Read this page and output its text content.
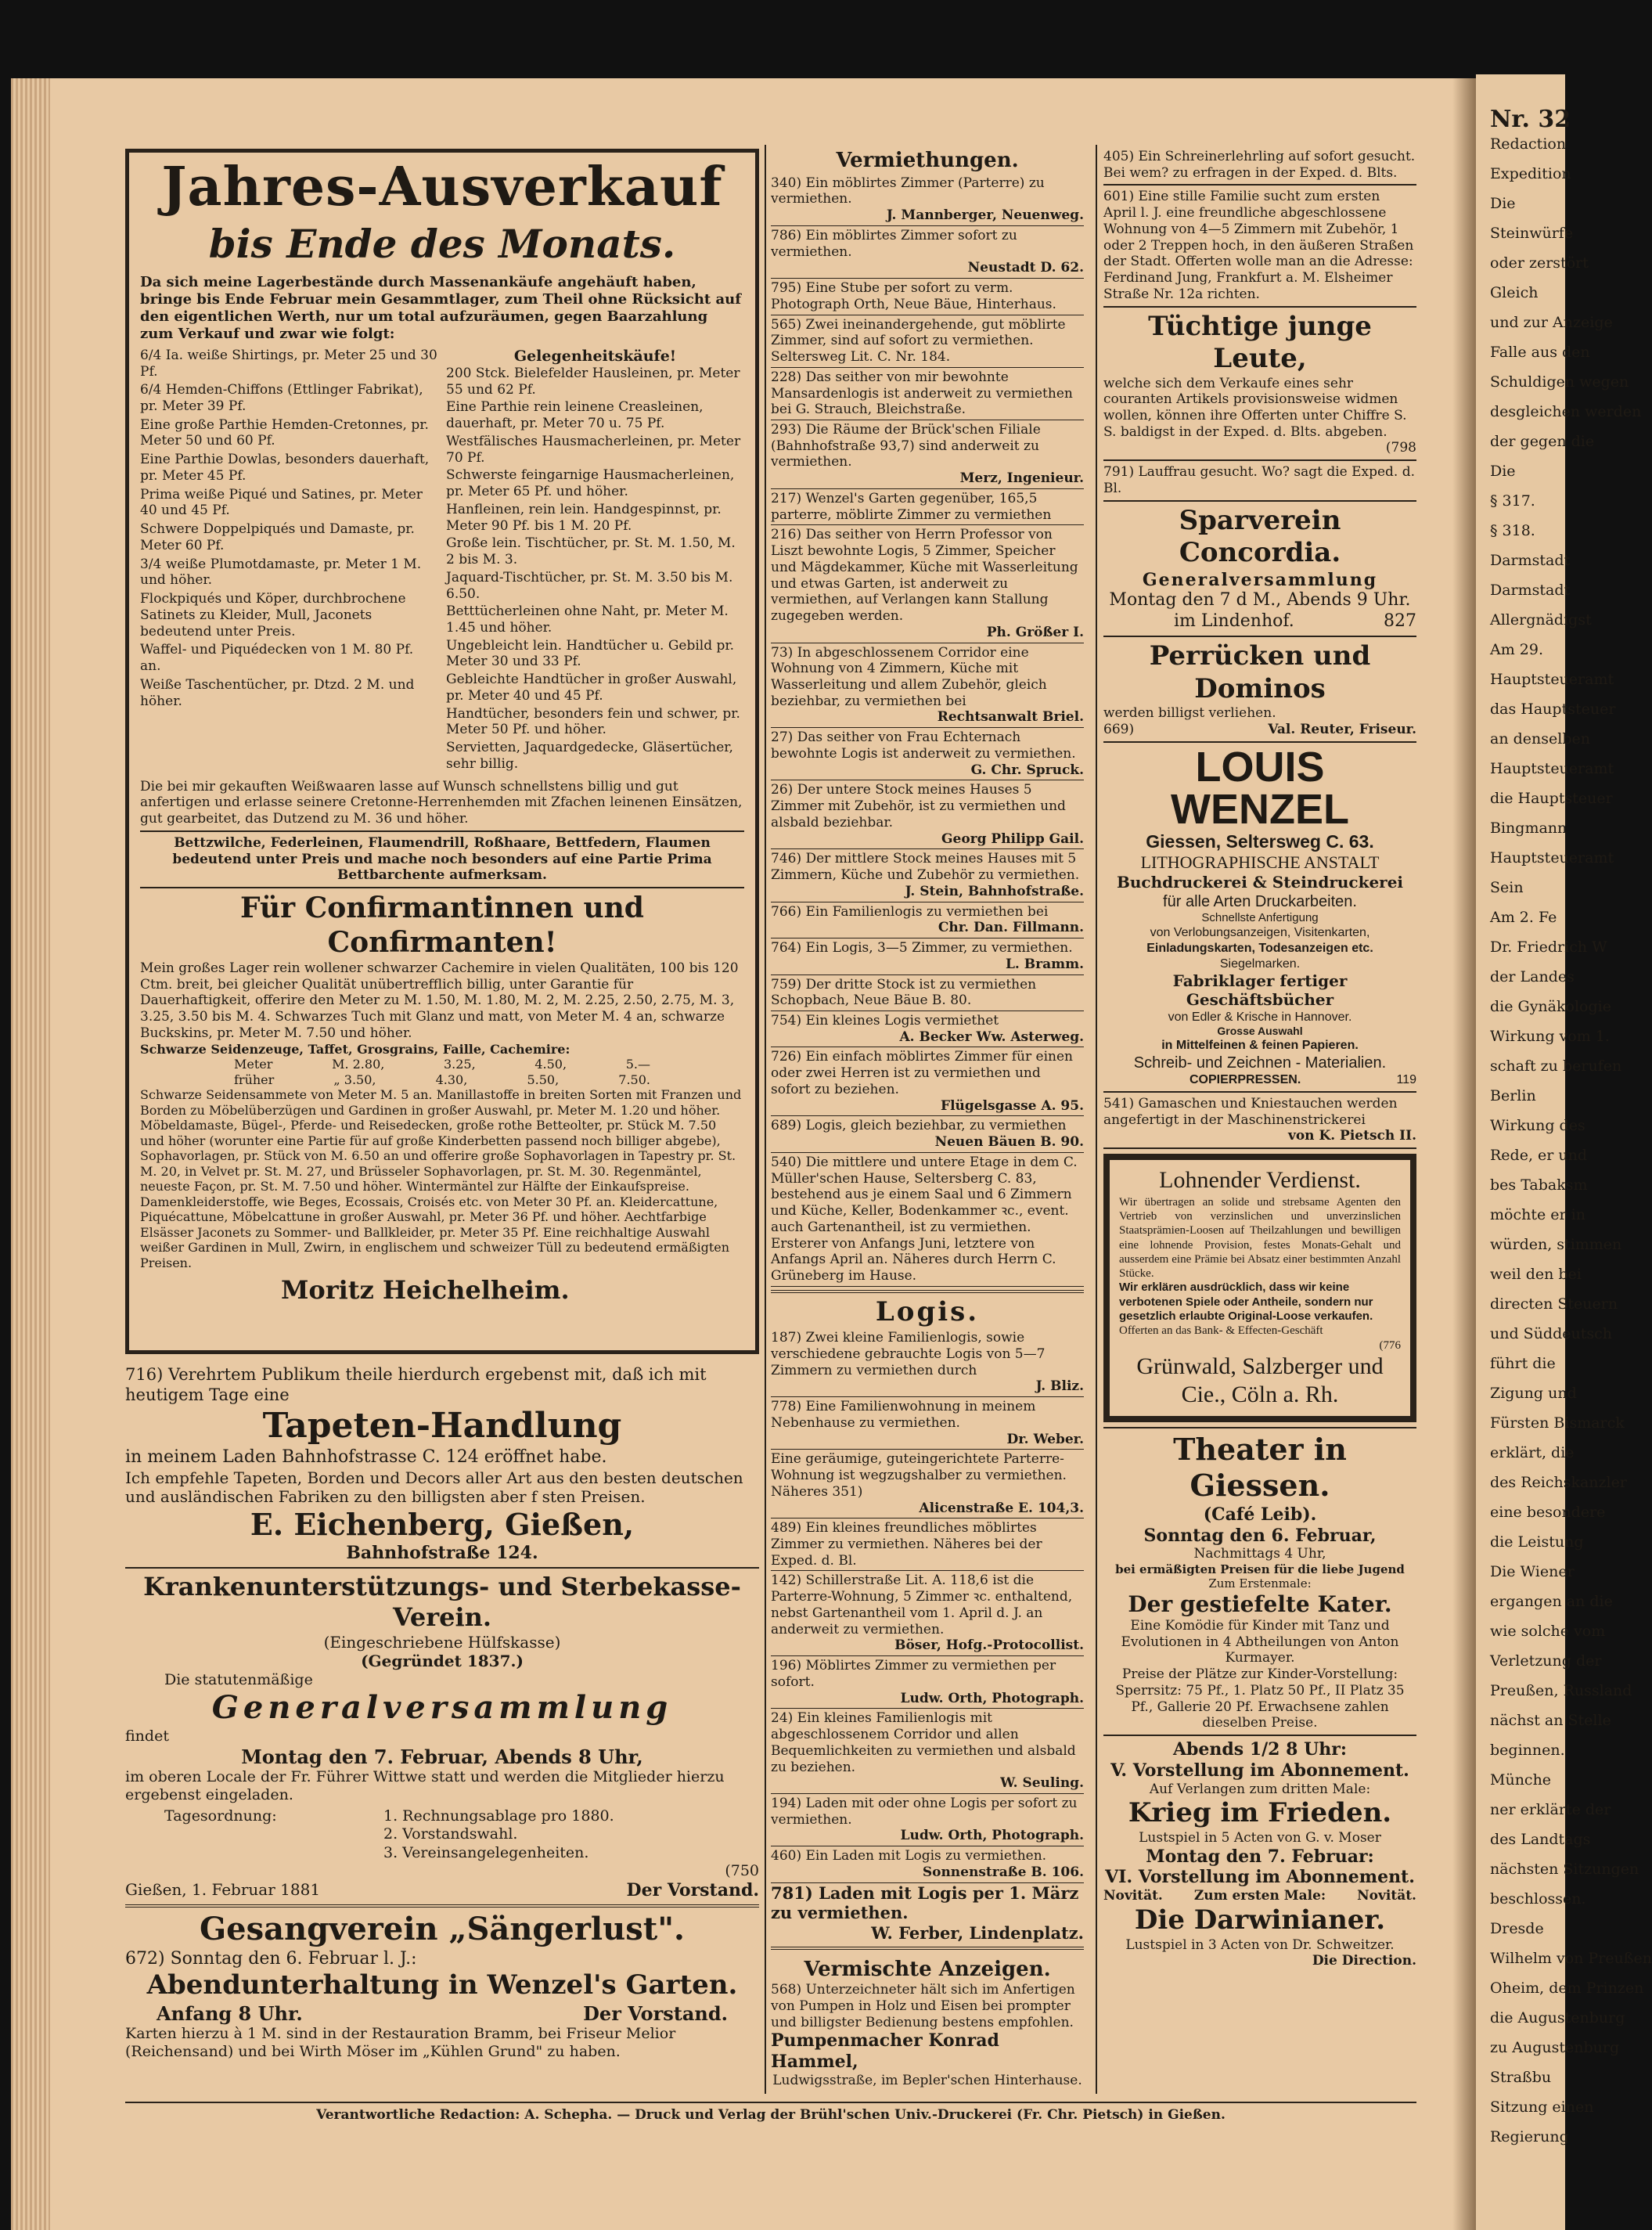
Nr. 32
Redaction
Expedition
Die
Steinwürfe
oder zerstört
Gleich
und zur Anzeige
Falle aus den
Schuldigen wegen
desgleichen werden
der gegen die
Die
§ 317.
§ 318.
Darmstadt
Darmstadt
Allergnädigst
Am 29.
Hauptsteueramt
das Hauptsteuer
an denselben
Hauptsteueramt
die Hauptsteuer
Bingmann
Hauptsteueramt
Sein
Am 2. Fe
Dr. Friedrich W
der Landes
die Gynäkologie
Wirkung vom 1.
schaft zu berufen
Berlin
Wirkung des
Rede, er und
bes Tabaksm
möchte er in
würden, stimmen
weil den bei
directen Steuern
und Süddeutsch
führt die
Zigung und
Fürsten Bismarck
erklärt, die
des Reichskanzler
eine besondere
die Leistung
Die Wiener
ergangen an die
wie solche vom
Verletzung der
Preußen, Russland
nächst an Stelle
beginnen.
Münche
ner erklärte der
des Landtags
nächsten Sitzungen
beschlossen.
Dresde
Wilhelm von Preußen
Oheim, dem Prinzen
die Augustenburg
zu Augustenburg
Straßbu
Sitzung einen
Regierung
Jahres-Ausverkauf
bis Ende des Monats.
Da sich meine Lagerbestände durch Massenankäufe angehäuft haben, bringe bis Ende Februar mein Gesammtlager, zum Theil ohne Rücksicht auf den eigentlichen Werth, nur um total aufzuräumen, gegen Baarzahlung zum Verkauf und zwar wie folgt:
6/4 Ia. weiße Shirtings, pr. Meter 25 und 30 Pf.
6/4 Hemden-Chiffons (Ettlinger Fabrikat), pr. Meter 39 Pf.
Eine große Parthie Hemden-Cretonnes, pr. Meter 50 und 60 Pf.
Eine Parthie Dowlas, besonders dauerhaft, pr. Meter 45 Pf.
Prima weiße Piqué und Satines, pr. Meter 40 und 45 Pf.
Schwere Doppelpiqués und Damaste, pr. Meter 60 Pf.
3/4 weiße Plumotdamaste, pr. Meter 1 M. und höher.
Flockpiqués und Köper, durchbrochene Satinets zu Kleider, Mull, Jaconets bedeutend unter Preis.
Waffel- und Piquédecken von 1 M. 80 Pf. an.
Weiße Taschentücher, pr. Dtzd. 2 M. und höher.
Gelegenheitskäufe!
200 Stck. Bielefelder Hausleinen, pr. Meter 55 und 62 Pf.
Eine Parthie rein leinene Creasleinen, dauerhaft, pr. Meter 70 u. 75 Pf.
Westfälisches Hausmacherleinen, pr. Meter 70 Pf.
Schwerste feingarnige Hausmacherleinen, pr. Meter 65 Pf. und höher.
Hanfleinen, rein lein. Handgespinnst, pr. Meter 90 Pf. bis 1 M. 20 Pf.
Große lein. Tischtücher, pr. St. M. 1.50, M. 2 bis M. 3.
Jaquard-Tischtücher, pr. St. M. 3.50 bis M. 6.50.
Betttücherleinen ohne Naht, pr. Meter M. 1.45 und höher.
Ungebleicht lein. Handtücher u. Gebild pr. Meter 30 und 33 Pf.
Gebleichte Handtücher in großer Auswahl, pr. Meter 40 und 45 Pf.
Handtücher, besonders fein und schwer, pr. Meter 50 Pf. und höher.
Servietten, Jaquardgedecke, Gläsertücher, sehr billig.
Die bei mir gekauften Weißwaaren lasse auf Wunsch schnellstens billig und gut anfertigen und erlasse seinere Cretonne-Herrenhemden mit Zfachen leinenen Einsätzen, gut gearbeitet, das Dutzend zu M. 36 und höher.
Bettzwilche, Federleinen, Flaumendrill, Roßhaare, Bettfedern, Flaumen bedeutend unter Preis und mache noch besonders auf eine Partie Prima Bettbarchente aufmerksam.
Für Confirmantinnen und Confirmanten!
Mein großes Lager rein wollener schwarzer Cachemire in vielen Qualitäten, 100 bis 120 Ctm. breit, bei gleicher Qualität unübertrefflich billig, unter Garantie für Dauerhaftigkeit, offerire den Meter zu M. 1.50, M. 1.80, M. 2, M. 2.25, 2.50, 2.75, M. 3, 3.25, 3.50 bis M. 4. Schwarzes Tuch mit Glanz und matt, von Meter M. 4 an, schwarze Buckskins, pr. Meter M. 7.50 und höher.
Schwarze Seidenzeuge, Taffet, Grosgrains, Faille, Cachemire:
Meter	M. 2.80,	3.25,	4.50,	5.—
früher	„ 3.50,	4.30,	5.50,	7.50.
Schwarze Seidensammete von Meter M. 5 an. Manillastoffe in breiten Sorten mit Franzen und Borden zu Möbelüberzügen und Gardinen in großer Auswahl, pr. Meter M. 1.20 und höher. Möbeldamaste, Bügel-, Pferde- und Reisedecken, große rothe Betteolter, pr. Stück M. 7.50 und höher (worunter eine Partie für auf große Kinderbetten passend noch billiger abgebe), Sophavorlagen, pr. Stück von M. 6.50 an und offerire große Sophavorlagen in Tapestry pr. St. M. 20, in Velvet pr. St. M. 27, und Brüsseler Sophavorlagen, pr. St. M. 30. Regenmäntel, neueste Façon, pr. St. M. 7.50 und höher. Wintermäntel zur Hälfte der Einkaufspreise. Damenkleiderstoffe, wie Beges, Ecossais, Croisés etc. von Meter 30 Pf. an. Kleidercattune, Piquécattune, Möbelcattune in großer Auswahl, pr. Meter 36 Pf. und höher. Aechtfarbige Elsässer Jaconets zu Sommer- und Ballkleider, pr. Meter 35 Pf. Eine reichhaltige Auswahl weißer Gardinen in Mull, Zwirn, in englischem und schweizer Tüll zu bedeutend ermäßigten Preisen.
Moritz Heichelheim.
716) Verehrtem Publikum theile hierdurch ergebenst mit, daß ich mit heutigem Tage eine
Tapeten-Handlung
in meinem Laden Bahnhofstrasse C. 124 eröffnet habe.
Ich empfehle Tapeten, Borden und Decors aller Art aus den besten deutschen und ausländischen Fabriken zu den billigsten aber f sten Preisen.
E. Eichenberg, Gießen,
Bahnhofstraße 124.
Krankenunterstützungs- und Sterbekasse-Verein.
(Eingeschriebene Hülfskasse)
(Gegründet 1837.)
Die statutenmäßige
Generalversammlung
findet
Montag den 7. Februar, Abends 8 Uhr,
im oberen Locale der Fr. Führer Wittwe statt und werden die Mitglieder hierzu ergebenst eingeladen.
Tagesordnung:	1. Rechnungsablage pro 1880.
2. Vorstandswahl.
3. Vereinsangelegenheiten.
(750
Gießen, 1. Februar 1881	Der Vorstand.
Gesangverein „Sängerlust".
672) Sonntag den 6. Februar l. J.:
Abendunterhaltung in Wenzel's Garten.
Anfang 8 Uhr.	Der Vorstand.
Karten hierzu à 1 M. sind in der Restauration Bramm, bei Friseur Melior (Reichensand) und bei Wirth Möser im „Kühlen Grund" zu haben.
Vermiethungen.
340) Ein möblirtes Zimmer (Parterre) zu vermiethen.
J. Mannberger, Neuenweg.
786) Ein möblirtes Zimmer sofort zu vermiethen.
Neustadt D. 62.
795) Eine Stube per sofort zu verm. Photograph Orth, Neue Bäue, Hinterhaus.
565) Zwei ineinandergehende, gut möblirte Zimmer, sind auf sofort zu vermiethen. Seltersweg Lit. C. Nr. 184.
228) Das seither von mir bewohnte Mansardenlogis ist anderweit zu vermiethen bei G. Strauch, Bleichstraße.
293) Die Räume der Brück'schen Filiale (Bahnhofstraße 93,7) sind anderweit zu vermiethen.
Merz, Ingenieur.
217) Wenzel's Garten gegenüber, 165,5 parterre, möblirte Zimmer zu vermiethen
216) Das seither von Herrn Professor von Liszt bewohnte Logis, 5 Zimmer, Speicher und Mägdekammer, Küche mit Wasserleitung und etwas Garten, ist anderweit zu vermiethen, auf Verlangen kann Stallung zugegeben werden.
Ph. Größer I.
73) In abgeschlossenem Corridor eine Wohnung von 4 Zimmern, Küche mit Wasserleitung und allem Zubehör, gleich beziehbar, zu vermiethen bei
Rechtsanwalt Briel.
27) Das seither von Frau Echternach bewohnte Logis ist anderweit zu vermiethen.
G. Chr. Spruck.
26) Der untere Stock meines Hauses 5 Zimmer mit Zubehör, ist zu vermiethen und alsbald beziehbar.
Georg Philipp Gail.
746) Der mittlere Stock meines Hauses mit 5 Zimmern, Küche und Zubehör zu vermiethen.
J. Stein, Bahnhofstraße.
766) Ein Familienlogis zu vermiethen bei
Chr. Dan. Fillmann.
764) Ein Logis, 3—5 Zimmer, zu vermiethen.
L. Bramm.
759) Der dritte Stock ist zu vermiethen Schopbach, Neue Bäue B. 80.
754) Ein kleines Logis vermiethet
A. Becker Ww. Asterweg.
726) Ein einfach möblirtes Zimmer für einen oder zwei Herren ist zu vermiethen und sofort zu beziehen.
Flügelsgasse A. 95.
689) Logis, gleich beziehbar, zu vermiethen
Neuen Bäuen B. 90.
540) Die mittlere und untere Etage in dem C. Müller'schen Hause, Seltersberg C. 83, bestehend aus je einem Saal und 6 Zimmern und Küche, Keller, Bodenkammer ꝛc., event. auch Gartenantheil, ist zu vermiethen. Ersterer von Anfangs Juni, letztere von Anfangs April an. Näheres durch Herrn C. Grüneberg im Hause.
Logis.
187) Zwei kleine Familienlogis, sowie verschiedene gebrauchte Logis von 5—7 Zimmern zu vermiethen durch
J. Bliz.
778) Eine Familienwohnung in meinem Nebenhause zu vermiethen.
Dr. Weber.
Eine geräumige, guteingerichtete Parterre-Wohnung ist wegzugshalber zu vermiethen. Näheres 351)
Alicenstraße E. 104,3.
489) Ein kleines freundliches möblirtes Zimmer zu vermiethen. Näheres bei der Exped. d. Bl.
142) Schillerstraße Lit. A. 118,6 ist die Parterre-Wohnung, 5 Zimmer ꝛc. enthaltend, nebst Gartenantheil vom 1. April d. J. an anderweit zu vermiethen.
Böser, Hofg.-Protocollist.
196) Möblirtes Zimmer zu vermiethen per sofort.
Ludw. Orth, Photograph.
24) Ein kleines Familienlogis mit abgeschlossenem Corridor und allen Bequemlichkeiten zu vermiethen und alsbald zu beziehen.
W. Seuling.
194) Laden mit oder ohne Logis per sofort zu vermiethen.
Ludw. Orth, Photograph.
460) Ein Laden mit Logis zu vermiethen.
Sonnenstraße B. 106.
781) Laden mit Logis per 1. März zu vermiethen.
W. Ferber, Lindenplatz.
Vermischte Anzeigen.
568) Unterzeichneter hält sich im Anfertigen von Pumpen in Holz und Eisen bei prompter und billigster Bedienung bestens empfohlen.
Pumpenmacher Konrad Hammel,
Ludwigsstraße, im Bepler'schen Hinterhause.
405) Ein Schreinerlehrling auf sofort gesucht. Bei wem? zu erfragen in der Exped. d. Blts.
601) Eine stille Familie sucht zum ersten April l. J. eine freundliche abgeschlossene Wohnung von 4—5 Zimmern mit Zubehör, 1 oder 2 Treppen hoch, in den äußeren Straßen der Stadt. Offerten wolle man an die Adresse: Ferdinand Jung, Frankfurt a. M. Elsheimer Straße Nr. 12a richten.
Tüchtige junge Leute,
welche sich dem Verkaufe eines sehr couranten Artikels provisionsweise widmen wollen, können ihre Offerten unter Chiffre S. S. baldigst in der Exped. d. Blts. abgeben.
(798
791) Lauffrau gesucht. Wo? sagt die Exped. d. Bl.
Sparverein Concordia.
Generalversammlung
Montag den 7 d M., Abends 9 Uhr.
im Lindenhof.	827
Perrücken und Dominos
werden billigst verliehen.
669)	Val. Reuter, Friseur.
LOUIS WENZEL
Giessen, Seltersweg C. 63.
LITHOGRAPHISCHE ANSTALT
Buchdruckerei & Steindruckerei
für alle Arten Druckarbeiten.
Schnellste Anfertigung
von Verlobungsanzeigen, Visitenkarten,
Einladungskarten, Todesanzeigen etc.
Siegelmarken.
Fabriklager fertiger Geschäftsbücher
von Edler & Krische in Hannover.
Grosse Auswahl
in Mittelfeinen & feinen Papieren.
Schreib- und Zeichnen - Materialien.
COPIERPRESSEN.	119
541) Gamaschen und Kniestauchen werden angefertigt in der Maschinenstrickerei
von K. Pietsch II.
Lohnender Verdienst.
Wir übertragen an solide und strebsame Agenten den Vertrieb von verzinslichen und unverzinslichen Staatsprämien-Loosen auf Theilzahlungen und bewilligen eine lohnende Provision, festes Monats-Gehalt und ausserdem eine Prämie bei Absatz einer bestimmten Anzahl Stücke.
Wir erklären ausdrücklich, dass wir keine verbotenen Spiele oder Antheile, sondern nur gesetzlich erlaubte Original-Loose verkaufen.
Offerten an das Bank- & Effecten-Geschäft
(776
Grünwald, Salzberger und Cie., Cöln a. Rh.
Theater in Giessen.
(Café Leib).
Sonntag den 6. Februar,
Nachmittags 4 Uhr,
bei ermäßigten Preisen für die liebe Jugend
Zum Erstenmale:
Der gestiefelte Kater.
Eine Komödie für Kinder mit Tanz und Evolutionen in 4 Abtheilungen von Anton Kurmayer.
Preise der Plätze zur Kinder-Vorstellung: Sperrsitz: 75 Pf., 1. Platz 50 Pf., II Platz 35 Pf., Gallerie 20 Pf. Erwachsene zahlen dieselben Preise.
Abends 1/2 8 Uhr:
V. Vorstellung im Abonnement.
Auf Verlangen zum dritten Male:
Krieg im Frieden.
Lustspiel in 5 Acten von G. v. Moser
Montag den 7. Februar:
VI. Vorstellung im Abonnement.
Novität. Zum ersten Male: Novität.
Die Darwinianer.
Lustspiel in 3 Acten von Dr. Schweitzer.
Die Direction.
Verantwortliche Redaction: A. Schepha. — Druck und Verlag der Brühl'schen Univ.-Druckerei (Fr. Chr. Pietsch) in Gießen.
